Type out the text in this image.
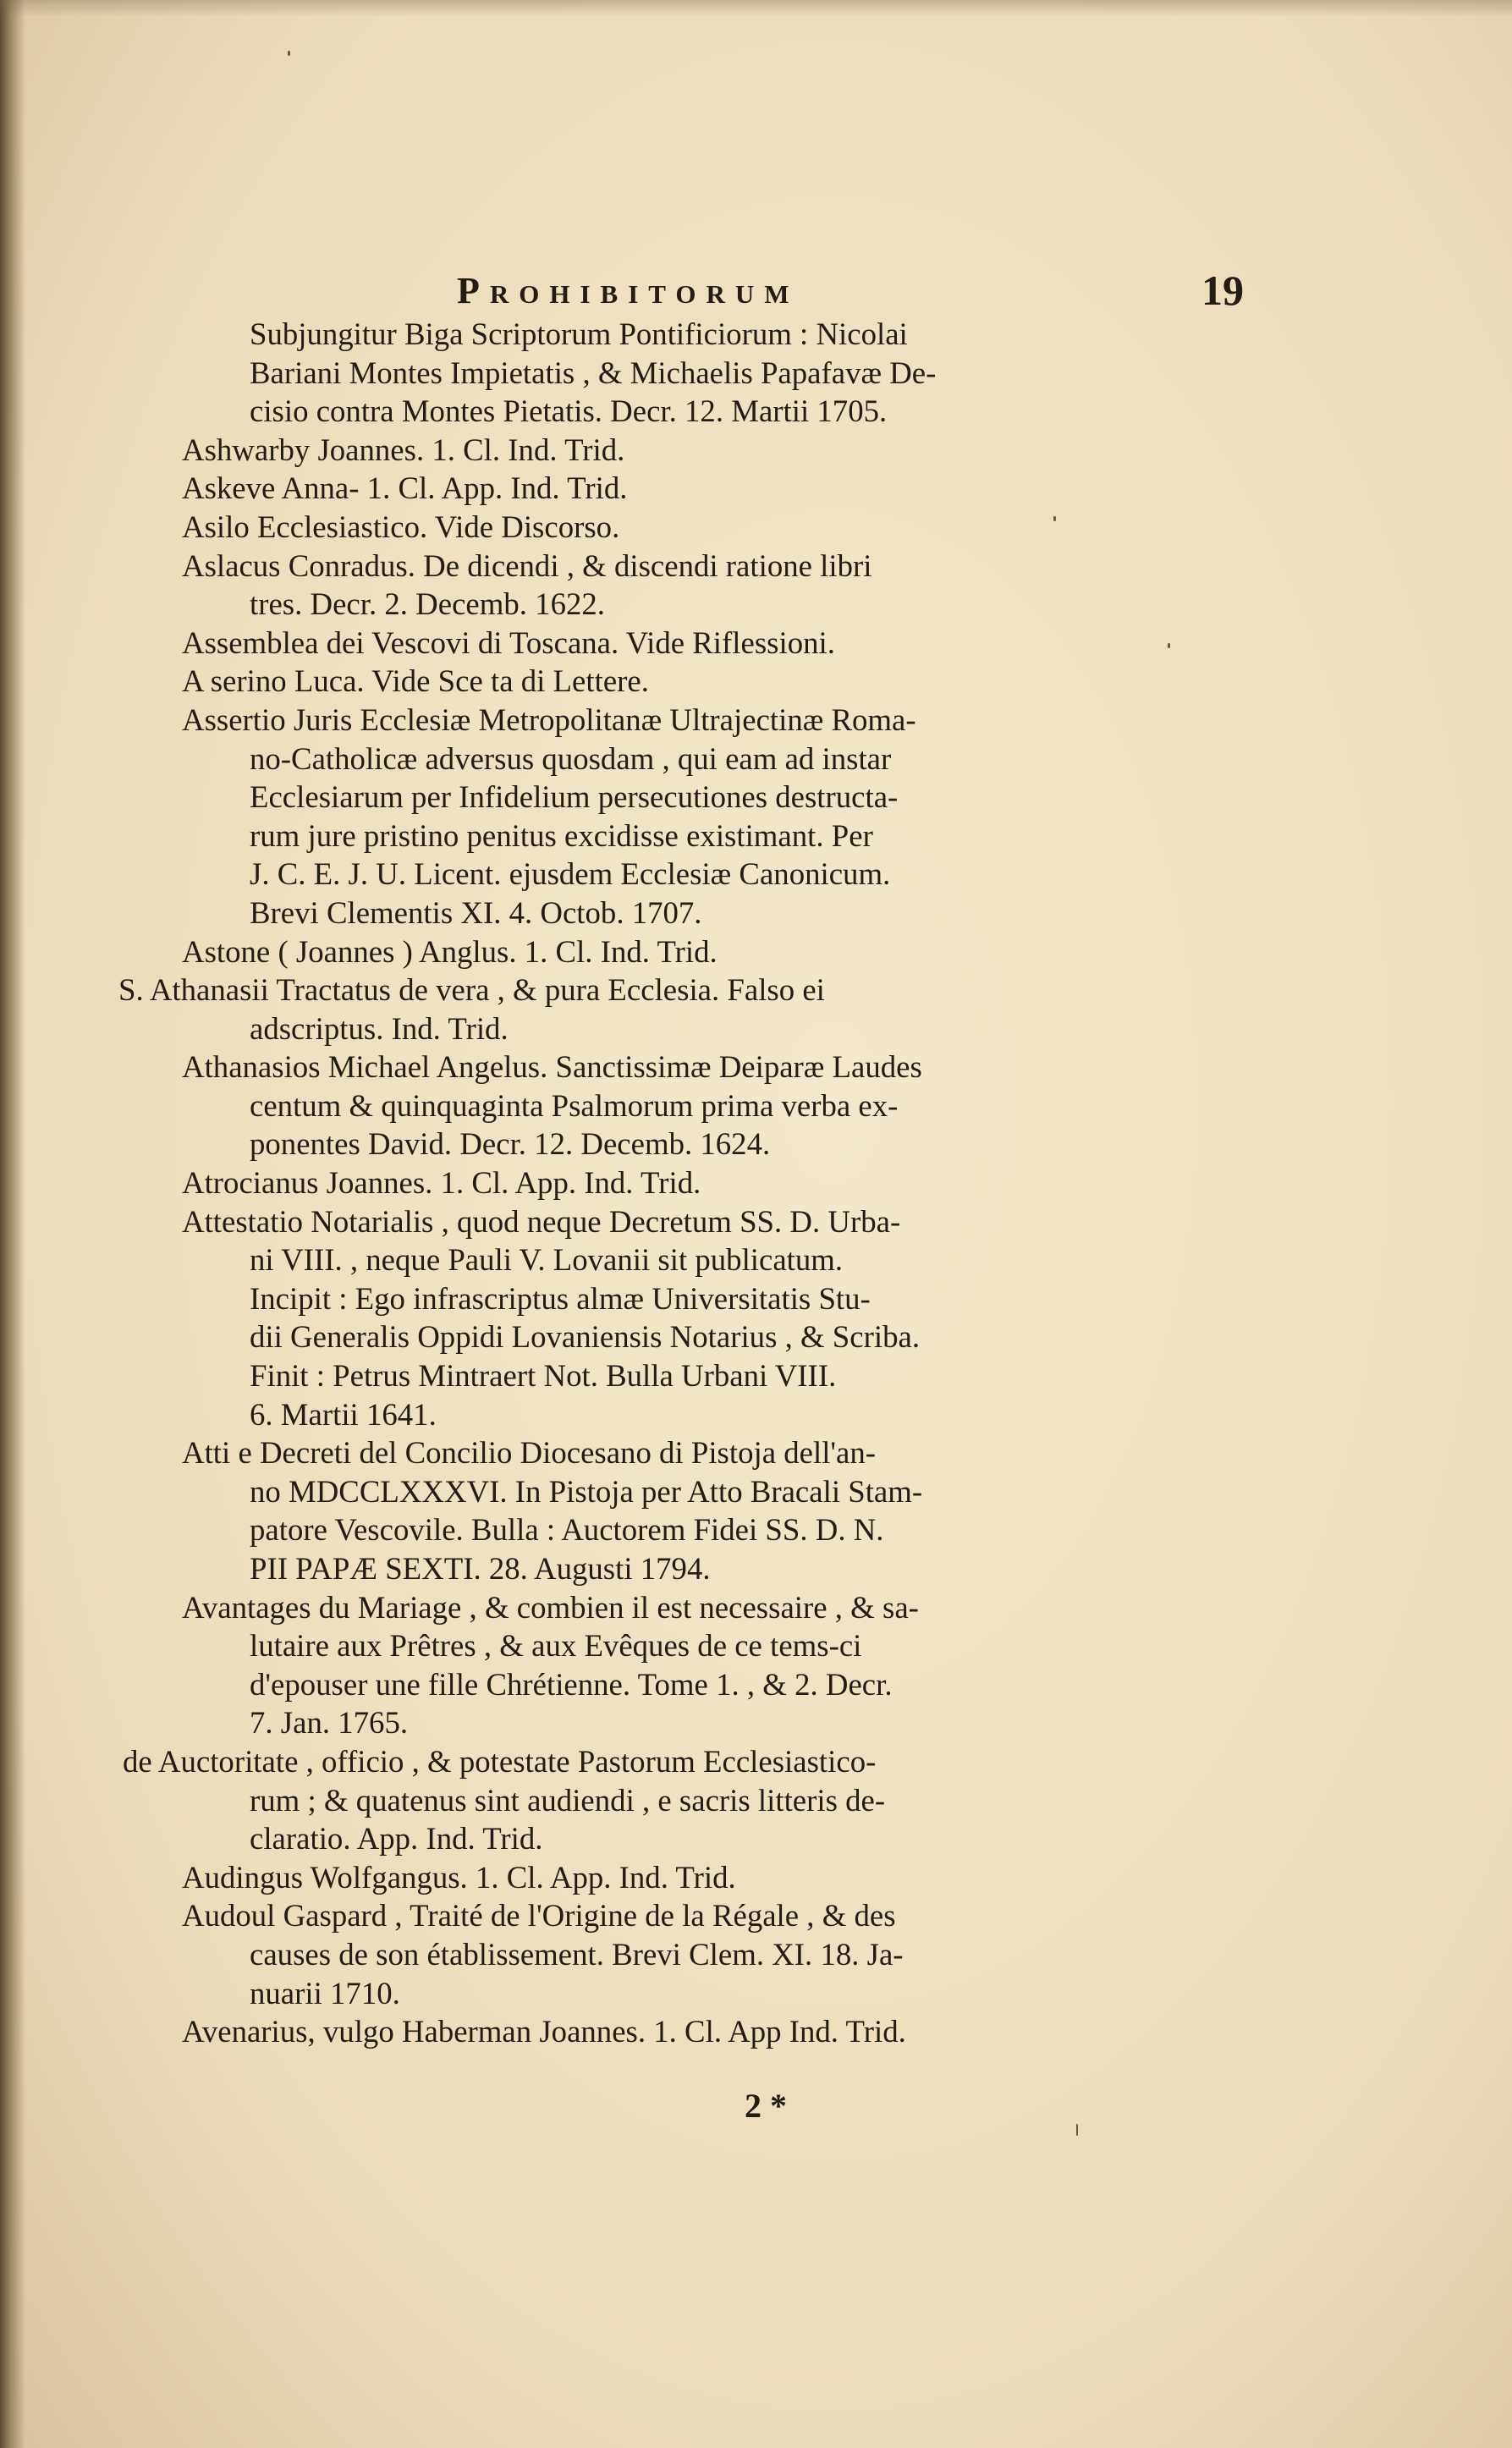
Prohibitorum	19
Subjungitur Biga Scriptorum Pontificiorum : Nicolai
Bariani Montes Impietatis , & Michaelis Papafavæ De-
cisio contra Montes Pietatis. Decr. 12. Martii 1705.
Ashwarby Joannes. 1. Cl. Ind. Trid.
Askeve Anna- 1. Cl. App. Ind. Trid.
Asilo Ecclesiastico. Vide Discorso.
Aslacus Conradus. De dicendi , & discendi ratione libri
tres. Decr. 2. Decemb. 1622.
Assemblea dei Vescovi di Toscana. Vide Riflessioni.
A serino Luca. Vide Sce ta di Lettere.
Assertio Juris Ecclesiæ Metropolitanæ Ultrajectinæ Roma-
no-Catholicæ adversus quosdam , qui eam ad instar
Ecclesiarum per Infidelium persecutiones destructa-
rum jure pristino penitus excidisse existimant. Per
J. C. E. J. U. Licent. ejusdem Ecclesiæ Canonicum.
Brevi Clementis XI. 4. Octob. 1707.
Astone ( Joannes ) Anglus. 1. Cl. Ind. Trid.
S. Athanasii Tractatus de vera , & pura Ecclesia. Falso ei
adscriptus. Ind. Trid.
Athanasios Michael Angelus. Sanctissimæ Deiparæ Laudes
centum & quinquaginta Psalmorum prima verba ex-
ponentes David. Decr. 12. Decemb. 1624.
Atrocianus Joannes. 1. Cl. App. Ind. Trid.
Attestatio Notarialis , quod neque Decretum SS. D. Urba-
ni VIII. , neque Pauli V. Lovanii sit publicatum.
Incipit : Ego infrascriptus almæ Universitatis Stu-
dii Generalis Oppidi Lovaniensis Notarius , & Scriba.
Finit : Petrus Mintraert Not. Bulla Urbani VIII.
6. Martii 1641.
Atti e Decreti del Concilio Diocesano di Pistoja dell'an-
no MDCCLXXXVI. In Pistoja per Atto Bracali Stam-
patore Vescovile. Bulla : Auctorem Fidei SS. D. N.
PII PAPÆ SEXTI. 28. Augusti 1794.
Avantages du Mariage , & combien il est necessaire , & sa-
lutaire aux Prêtres , & aux Evêques de ce tems-ci
d'epouser une fille Chrétienne. Tome 1. , & 2. Decr.
7. Jan. 1765.
de Auctoritate , officio , & potestate Pastorum Ecclesiastico-
rum ; & quatenus sint audiendi , e sacris litteris de-
claratio. App. Ind. Trid.
Audingus Wolfgangus. 1. Cl. App. Ind. Trid.
Audoul Gaspard , Traité de l'Origine de la Régale , & des
causes de son établissement. Brevi Clem. XI. 18. Ja-
nuarii 1710.
Avenarius, vulgo Haberman Joannes. 1. Cl. App Ind. Trid.
2 *
